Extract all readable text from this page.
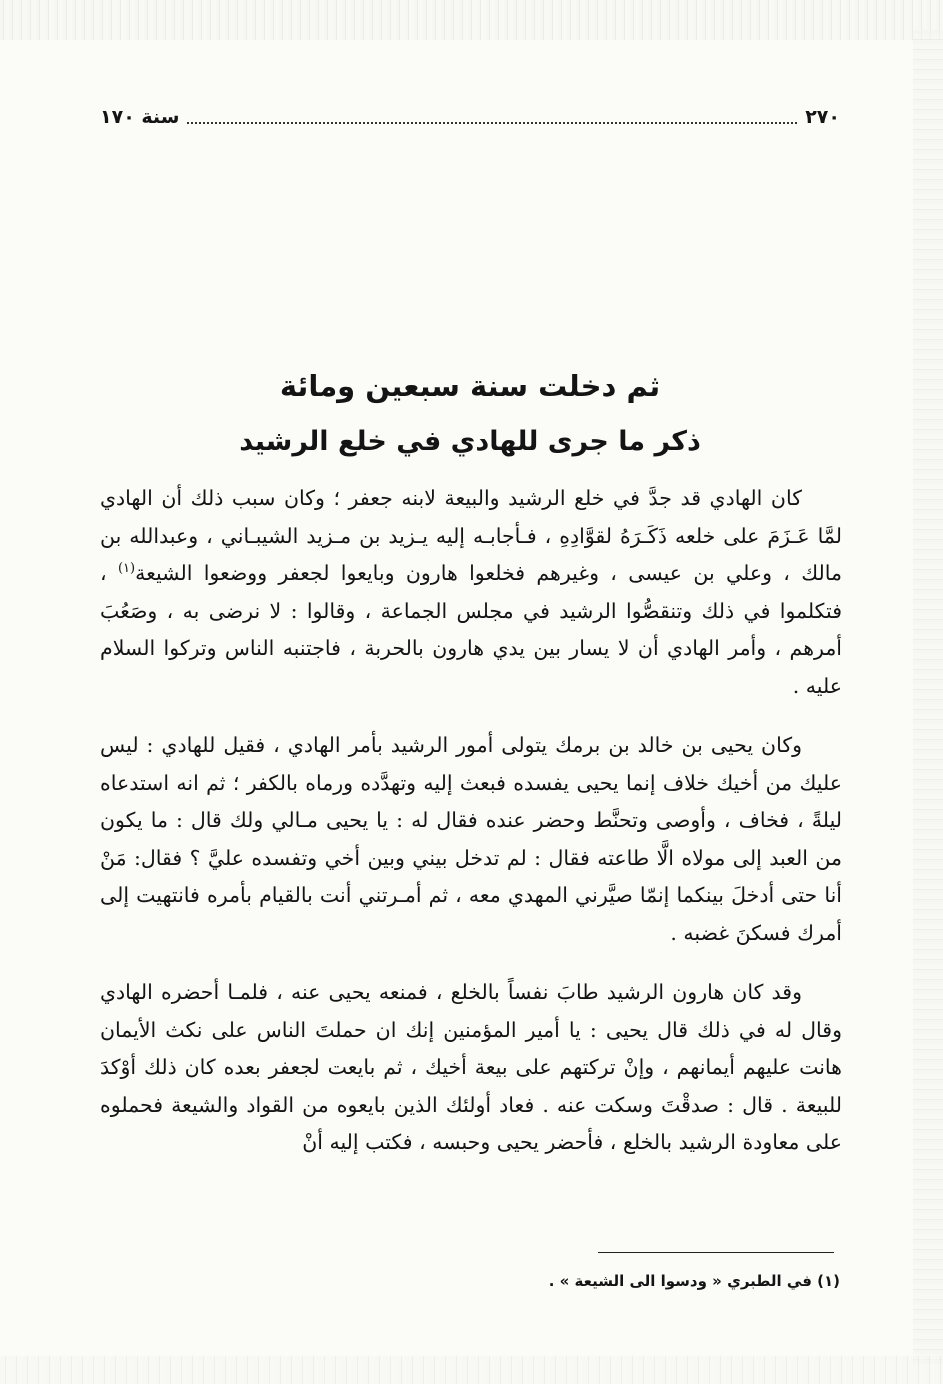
٢٧٠
سنة ١٧٠
ثم دخلت سنة سبعين ومائة
ذكر ما جرى للهادي في خلع الرشيد

كان الهادي قد جدَّ في خلع الرشيد والبيعة لابنه جعفر ؛ وكان سبب ذلك أن الهادي لمَّا عَـزَمَ على خلعه ذَكَـرَهُ لقوَّادِهِ ، فـأجابـه إليه يـزيد بن مـزيد الشيبـاني ، وعبدالله بن مالك ، وعلي بن عيسى ، وغيرهم فخلعوا هارون وبايعوا لجعفر ووضعوا الشيعة$^{(١)}$ ، فتكلموا في ذلك وتنقصُّوا الرشيد في مجلس الجماعة ، وقالوا : لا نرضى به ، وصَعُبَ أمرهم ، وأمر الهادي أن لا يسار بين يدي هارون بالحربة ، فاجتنبه الناس وتركوا السلام عليه .

وكان يحيى بن خالد بن برمك يتولى أمور الرشيد بأمر الهادي ، فقيل للهادي : ليس عليك من أخيك خلاف إنما يحيى يفسده فبعث إليه وتهدَّده ورماه بالكفر ؛ ثم انه استدعاه ليلةً ، فخاف ، وأوصى وتحنَّط وحضر عنده فقال له : يا يحيى مـالي ولك قال : ما يكون من العبد إلى مولاه الَّا طاعته فقال : لم تدخل بيني وبين أخي وتفسده عليَّ ؟ فقال: مَنْ أنا حتى أدخلَ بينكما إنمّا صيَّرني المهدي معه ، ثم أمـرتني أنت بالقيام بأمره فانتهيت إلى أمرك فسكنَ غضبه .

وقد كان هارون الرشيد طابَ نفساً بالخلع ، فمنعه يحيى عنه ، فلمـا أحضره الهادي وقال له في ذلك قال يحيى : يا أمير المؤمنين إنك ان حملتَ الناس على نكث الأيمان هانت عليهم أيمانهم ، وإنْ تركتهم على بيعة أخيك ، ثم بايعت لجعفر بعده كان ذلك أوْكدَ للبيعة . قال : صدقْتَ وسكت عنه . فعاد أولئك الذين بايعوه من القواد والشيعة فحملوه على معاودة الرشيد بالخلع ، فأحضر يحيى وحبسه ، فكتب إليه أنْ

(١) في الطبري « ودسوا الى الشيعة » .
